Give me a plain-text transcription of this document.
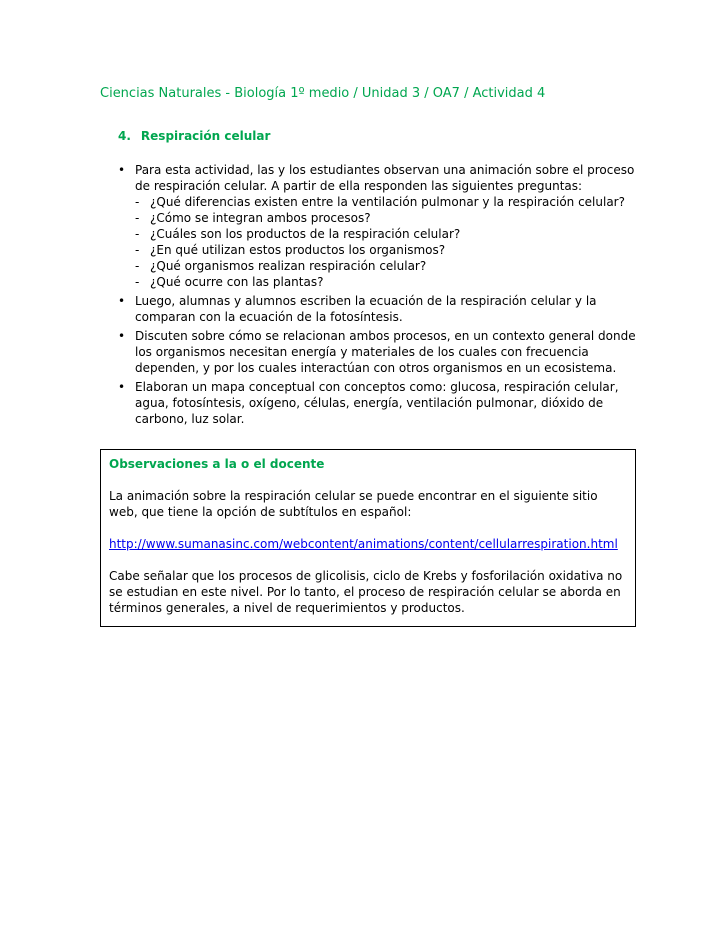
Ciencias Naturales - Biología 1º medio / Unidad 3 / OA7 / Actividad 4
4. Respiración celular
• Para esta actividad, las y los estudiantes observan una animación sobre el proceso de respiración celular. A partir de ella responden las siguientes preguntas:
- ¿Qué diferencias existen entre la ventilación pulmonar y la respiración celular?
- ¿Cómo se integran ambos procesos?
- ¿Cuáles son los productos de la respiración celular?
- ¿En qué utilizan estos productos los organismos?
- ¿Qué organismos realizan respiración celular?
- ¿Qué ocurre con las plantas?
• Luego, alumnas y alumnos escriben la ecuación de la respiración celular y la comparan con la ecuación de la fotosíntesis.
• Discuten sobre cómo se relacionan ambos procesos, en un contexto general donde los organismos necesitan energía y materiales de los cuales con frecuencia dependen, y por los cuales interactúan con otros organismos en un ecosistema.
• Elaboran un mapa conceptual con conceptos como: glucosa, respiración celular, agua, fotosíntesis, oxígeno, células, energía, ventilación pulmonar, dióxido de carbono, luz solar.
Observaciones a la o el docente

La animación sobre la respiración celular se puede encontrar en el siguiente sitio web, que tiene la opción de subtítulos en español:

http://www.sumanasinc.com/webcontent/animations/content/cellularrespiration.html

Cabe señalar que los procesos de glicolisis, ciclo de Krebs y fosforilación oxidativa no se estudian en este nivel. Por lo tanto, el proceso de respiración celular se aborda en términos generales, a nivel de requerimientos y productos.
